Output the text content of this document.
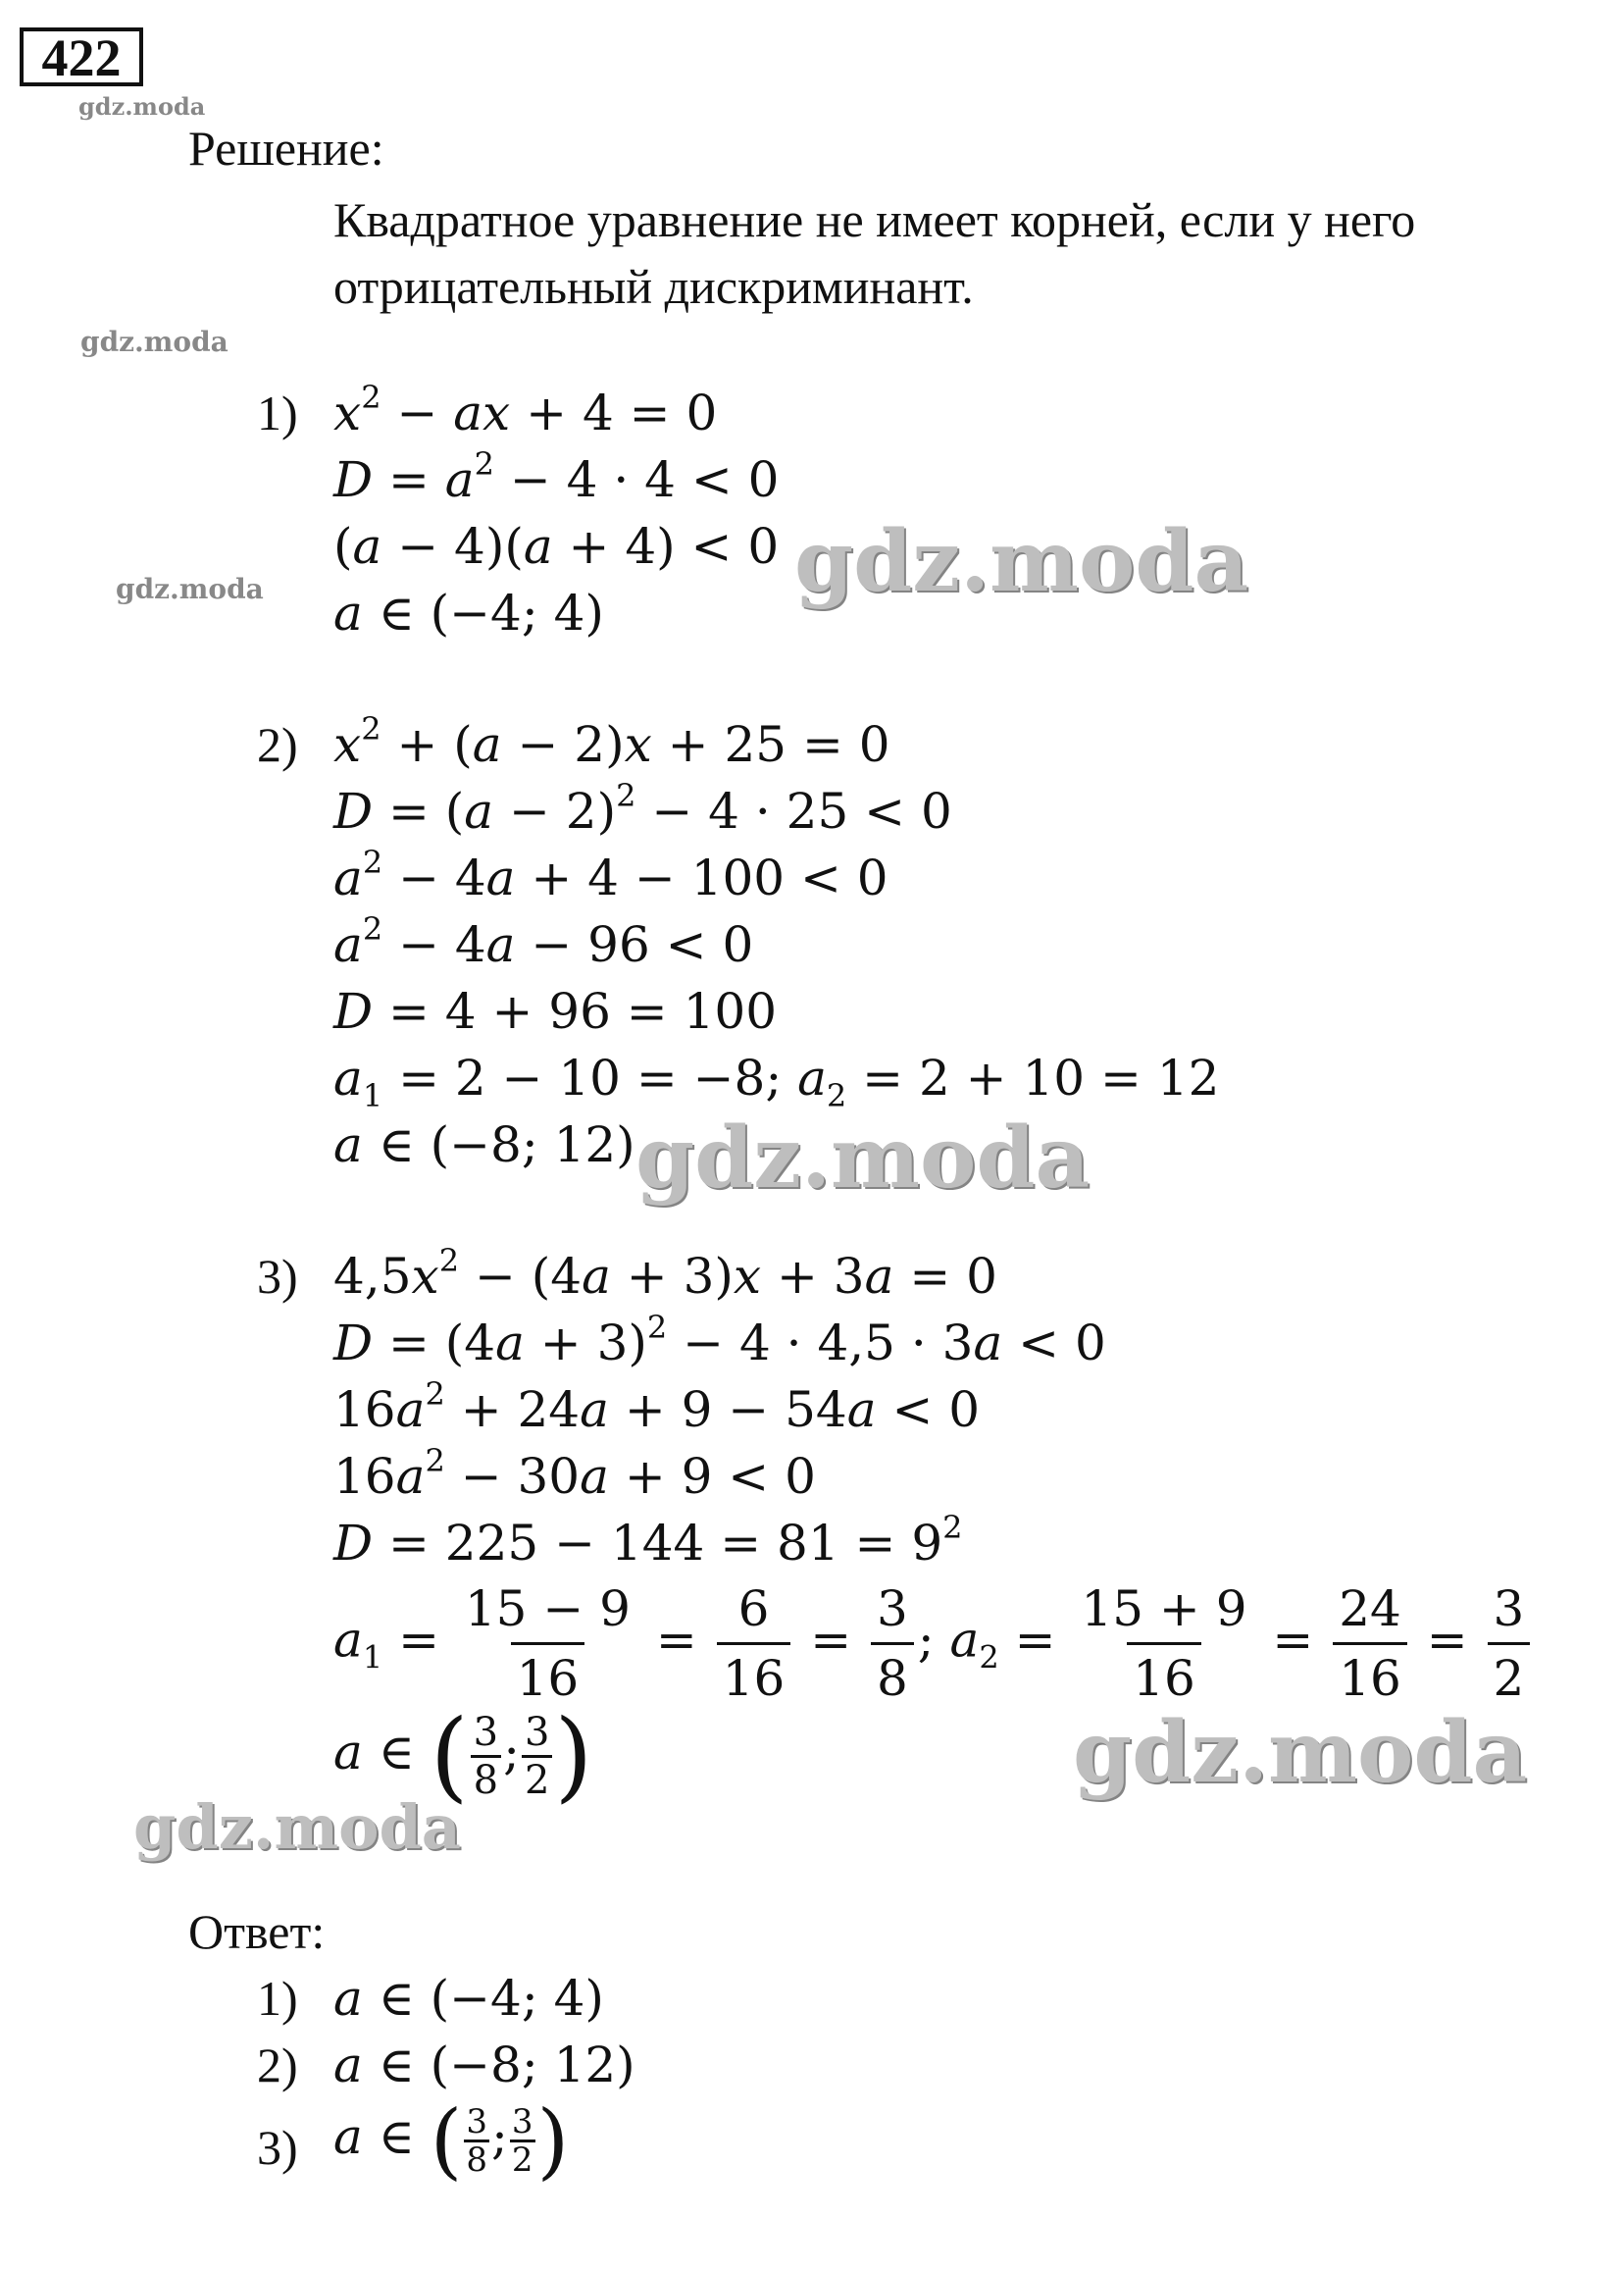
422
gdz.moda
gdz.moda
gdz.moda
Решение:
Квадратное уравнение не имеет корней, если у него отрицательный дискриминант.
1) $x^2$ − ax + 4 = 0
$D = a^2 - 4 \cdot 4 < 0$
(a − 4)(a + 4) < 0
a ∈ (−4; 4)
gdz.moda
2) $x^2 + (a - 2)x + 25 = 0$
$D = (a - 2)^2 - 4 \cdot 25 < 0$
$a^2 - 4a + 4 - 100 < 0$
$a^2 - 4a - 96 < 0$
D = 4 + 96 = 100
$a_1 = 2 - 10 = -8$; $a_2 = 2 + 10 = 12$
a ∈ (−8; 12) gdz.moda
3) $4,5x^2 - (4a + 3)x + 3a = 0$
$D = (4a + 3)^2 - 4 \cdot 4,5 \cdot 3a < 0$
$16a^2 + 24a + 9 - 54a < 0$
$16a^2 - 30a + 9 < 0$
$D = 225 - 144 = 81 = 9^2$
$a_1 = \frac{15 - 9}{16} = \frac{6}{16} = \frac{3}{8}$ ; $a_2 = \frac{15 + 9}{16} = \frac{24}{16} = \frac{3}{2}$
a ∈ ( $\frac{3}{8}$ ; $\frac{3}{2}$ )	gdz.moda
gdz.moda
Ответ:
1) a ∈ (−4; 4)
2) a ∈ (−8; 12)
3) a ∈ ( $\frac{3}{8}$ ; $\frac{3}{2}$ )
